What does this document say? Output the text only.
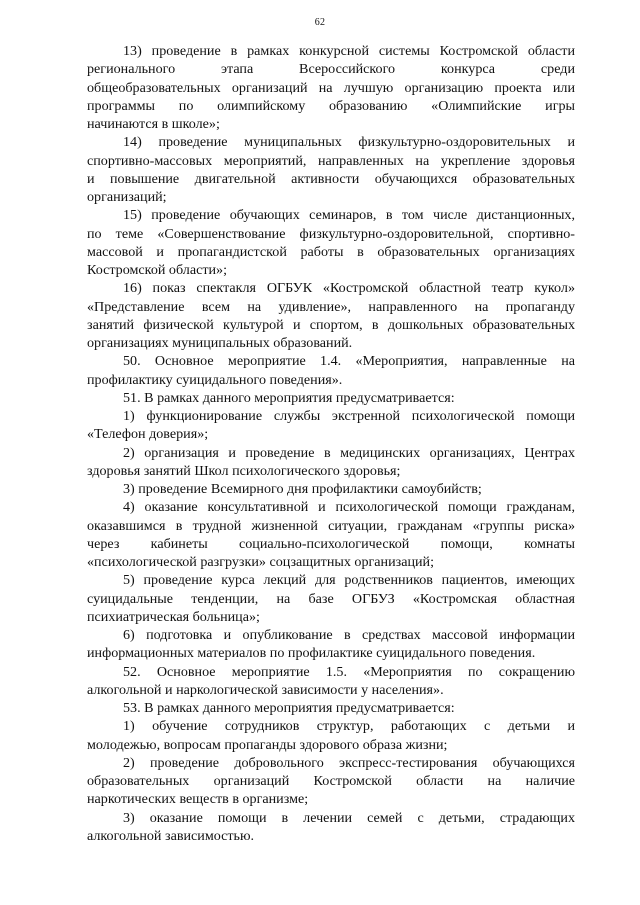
62
13) проведение в рамках конкурсной системы Костромской области
регионального этапа Всероссийского конкурса среди
общеобразовательных организаций на лучшую организацию проекта или
программы по олимпийскому образованию «Олимпийские игры
начинаются в школе»;
14) проведение муниципальных физкультурно-оздоровительных и
спортивно-массовых мероприятий, направленных на укрепление здоровья
и повышение двигательной активности обучающихся образовательных
организаций;
15) проведение обучающих семинаров, в том числе дистанционных,
по теме «Совершенствование физкультурно-оздоровительной, спортивно-
массовой и пропагандистской работы в образовательных организациях
Костромской области»;
16) показ спектакля ОГБУК «Костромской областной театр кукол»
«Представление всем на удивление», направленного на пропаганду
занятий физической культурой и спортом, в дошкольных образовательных
организациях муниципальных образований.
50. Основное мероприятие 1.4. «Мероприятия, направленные на
профилактику суицидального поведения».
51. В рамках данного мероприятия предусматривается:
1) функционирование службы экстренной психологической помощи
«Телефон доверия»;
2) организация и проведение в медицинских организациях, Центрах
здоровья занятий Школ психологического здоровья;
3) проведение Всемирного дня профилактики самоубийств;
4) оказание консультативной и психологической помощи гражданам,
оказавшимся в трудной жизненной ситуации, гражданам «группы риска»
через кабинеты социально-психологической помощи, комнаты
«психологической разгрузки» соцзащитных организаций;
5) проведение курса лекций для родственников пациентов, имеющих
суицидальные тенденции, на базе ОГБУЗ «Костромская областная
психиатрическая больница»;
6) подготовка и опубликование в средствах массовой информации
информационных материалов по профилактике суицидального поведения.
52. Основное мероприятие 1.5. «Мероприятия по сокращению
алкогольной и наркологической зависимости у населения».
53. В рамках данного мероприятия предусматривается:
1) обучение сотрудников структур, работающих с детьми и
молодежью, вопросам пропаганды здорового образа жизни;
2) проведение добровольного экспресс-тестирования обучающихся
образовательных организаций Костромской области на наличие
наркотических веществ в организме;
3) оказание помощи в лечении семей с детьми, страдающих
алкогольной зависимостью.
